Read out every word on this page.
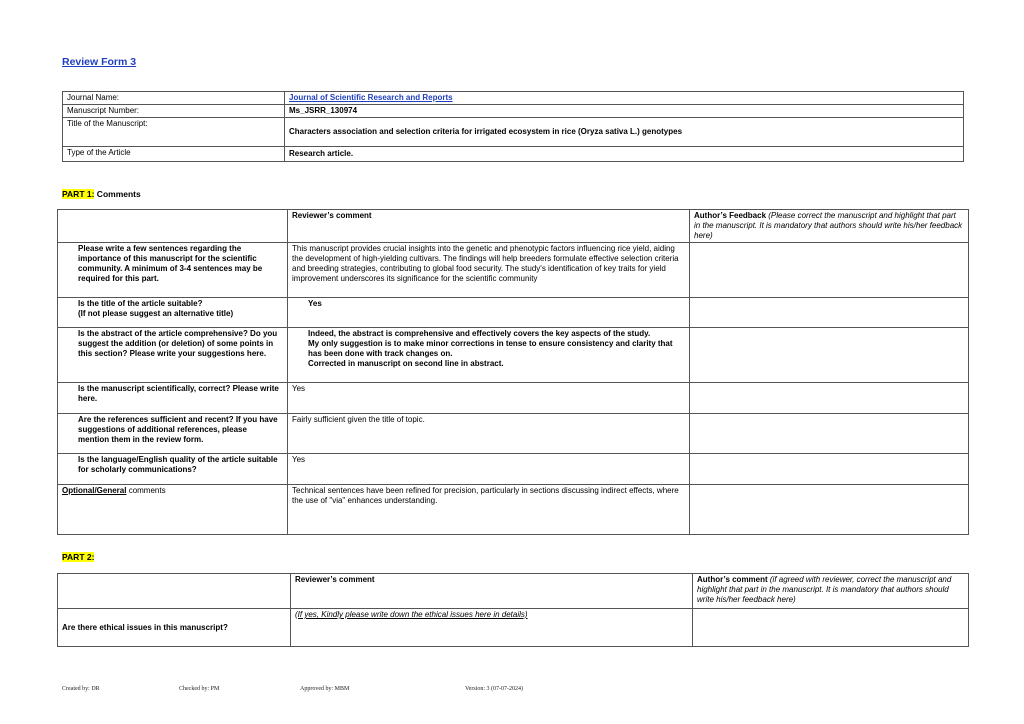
Review Form 3
Journal Name:	Journal of Scientific Research and Reports
Manuscript Number:	Ms_JSRR_130974
Title of the Manuscript:	Characters association and selection criteria for irrigated ecosystem in rice (Oryza sativa L.) genotypes
Type of the Article	Research article.
PART 1: Comments
	Reviewer’s comment	Author’s Feedback (Please correct the manuscript and highlight that part in the manuscript. It is mandatory that authors should write his/her feedback here)
Please write a few sentences regarding the importance of this manuscript for the scientific community. A minimum of 3-4 sentences may be required for this part.	This manuscript provides crucial insights into the genetic and phenotypic factors influencing rice yield, aiding the development of high-yielding cultivars. The findings will help breeders formulate effective selection criteria and breeding strategies, contributing to global food security. The study's identification of key traits for yield improvement underscores its significance for the scientific community	
Is the title of the article suitable?
(If not please suggest an alternative title)	Yes	
Is the abstract of the article comprehensive? Do you suggest the addition (or deletion) of some points in this section? Please write your suggestions here.	Indeed, the abstract is comprehensive and effectively covers the key aspects of the study.
My only suggestion is to make minor corrections in tense to ensure consistency and clarity that has been done with track changes on.
Corrected in manuscript on second line in abstract.	
Is the manuscript scientifically, correct? Please write here.	Yes	
Are the references sufficient and recent? If you have suggestions of additional references, please mention them in the review form.	Fairly sufficient given the title of topic.	
Is the language/English quality of the article suitable for scholarly communications?	Yes	
Optional/General comments	Technical sentences have been refined for precision, particularly in sections discussing indirect effects, where the use of "via" enhances understanding.	
PART 2:
	Reviewer’s comment	Author’s comment (if agreed with reviewer, correct the manuscript and highlight that part in the manuscript. It is mandatory that authors should write his/her feedback here)
Are there ethical issues in this manuscript?	(If yes, Kindly please write down the ethical issues here in details)	
Created by: DR	Checked by: PM	Approved by: MBM	Version: 3 (07-07-2024)
